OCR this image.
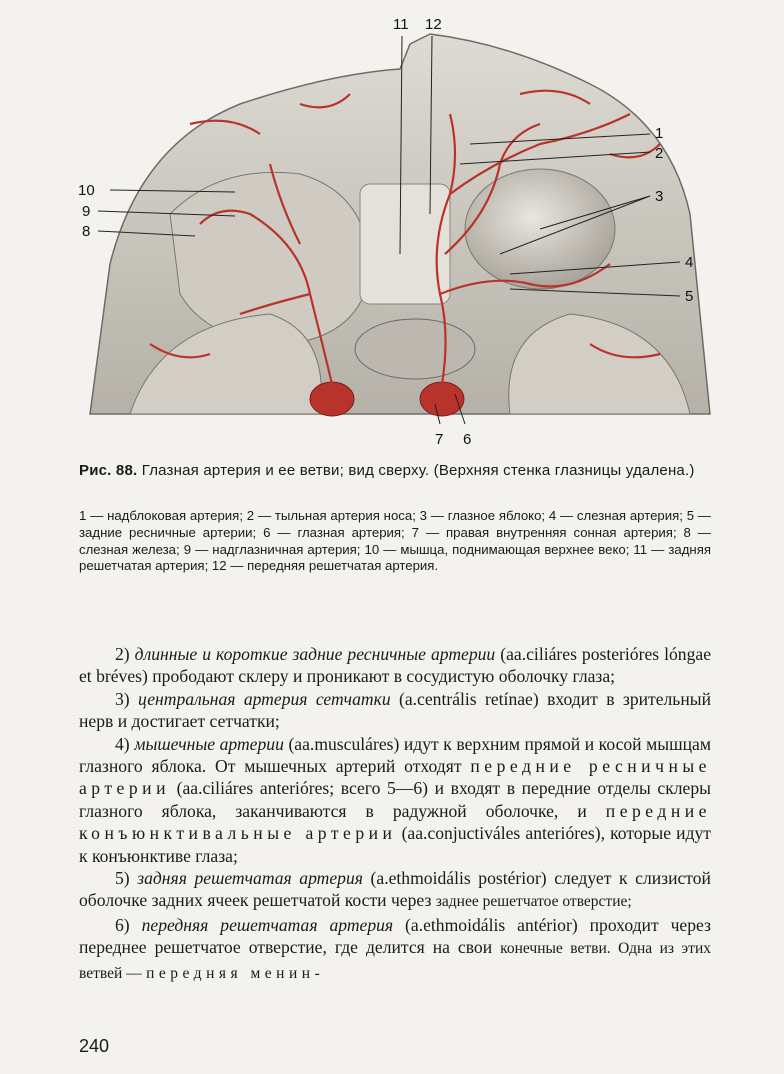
11 12
1
2
3
4
5
6
7
8
9
10
Рис. 88. Глазная артерия и ее ветви; вид сверху. (Верхняя стенка глазницы удалена.)
1 — надблоковая артерия; 2 — тыльная артерия носа; 3 — глазное яблоко; 4 — слезная артерия; 5 — задние ресничные артерии; 6 — глазная артерия; 7 — правая внутренняя сонная артерия; 8 — слезная железа; 9 — надглазничная артерия; 10 — мышца, поднимающая верхнее веко; 11 — задняя решетчатая артерия; 12 — передняя решетчатая артерия.

2) длинные и короткие задние ресничные артерии (aa.ciliáres posterióres lóngae et bréves) прободают склеру и проникают в сосудистую оболочку глаза;

3) центральная артерия сетчатки (a.centrális retínae) входит в зрительный нерв и достигает сетчатки;

4) мышечные артерии (aa.musculáres) идут к верхним прямой и косой мышцам глазного яблока. От мышечных артерий отходят передние ресничные артерии (aa.ciliáres anterióres; всего 5—6) и входят в передние отделы склеры глазного яблока, заканчиваются в радужной оболочке, и передние конъюнктивальные артерии (aa.conjuctiváles anterióres), которые идут к конъюнктиве глаза;

5) задняя решетчатая артерия (a.ethmoidális postérior) следует к слизистой оболочке задних ячеек решетчатой кости через заднее решетчатое отверстие;

6) передняя решетчатая артерия (a.ethmoidális antérior) проходит через переднее решетчатое отверстие, где делится на свои конечные ветви. Одна из этих ветвей — передняя менин-

240
